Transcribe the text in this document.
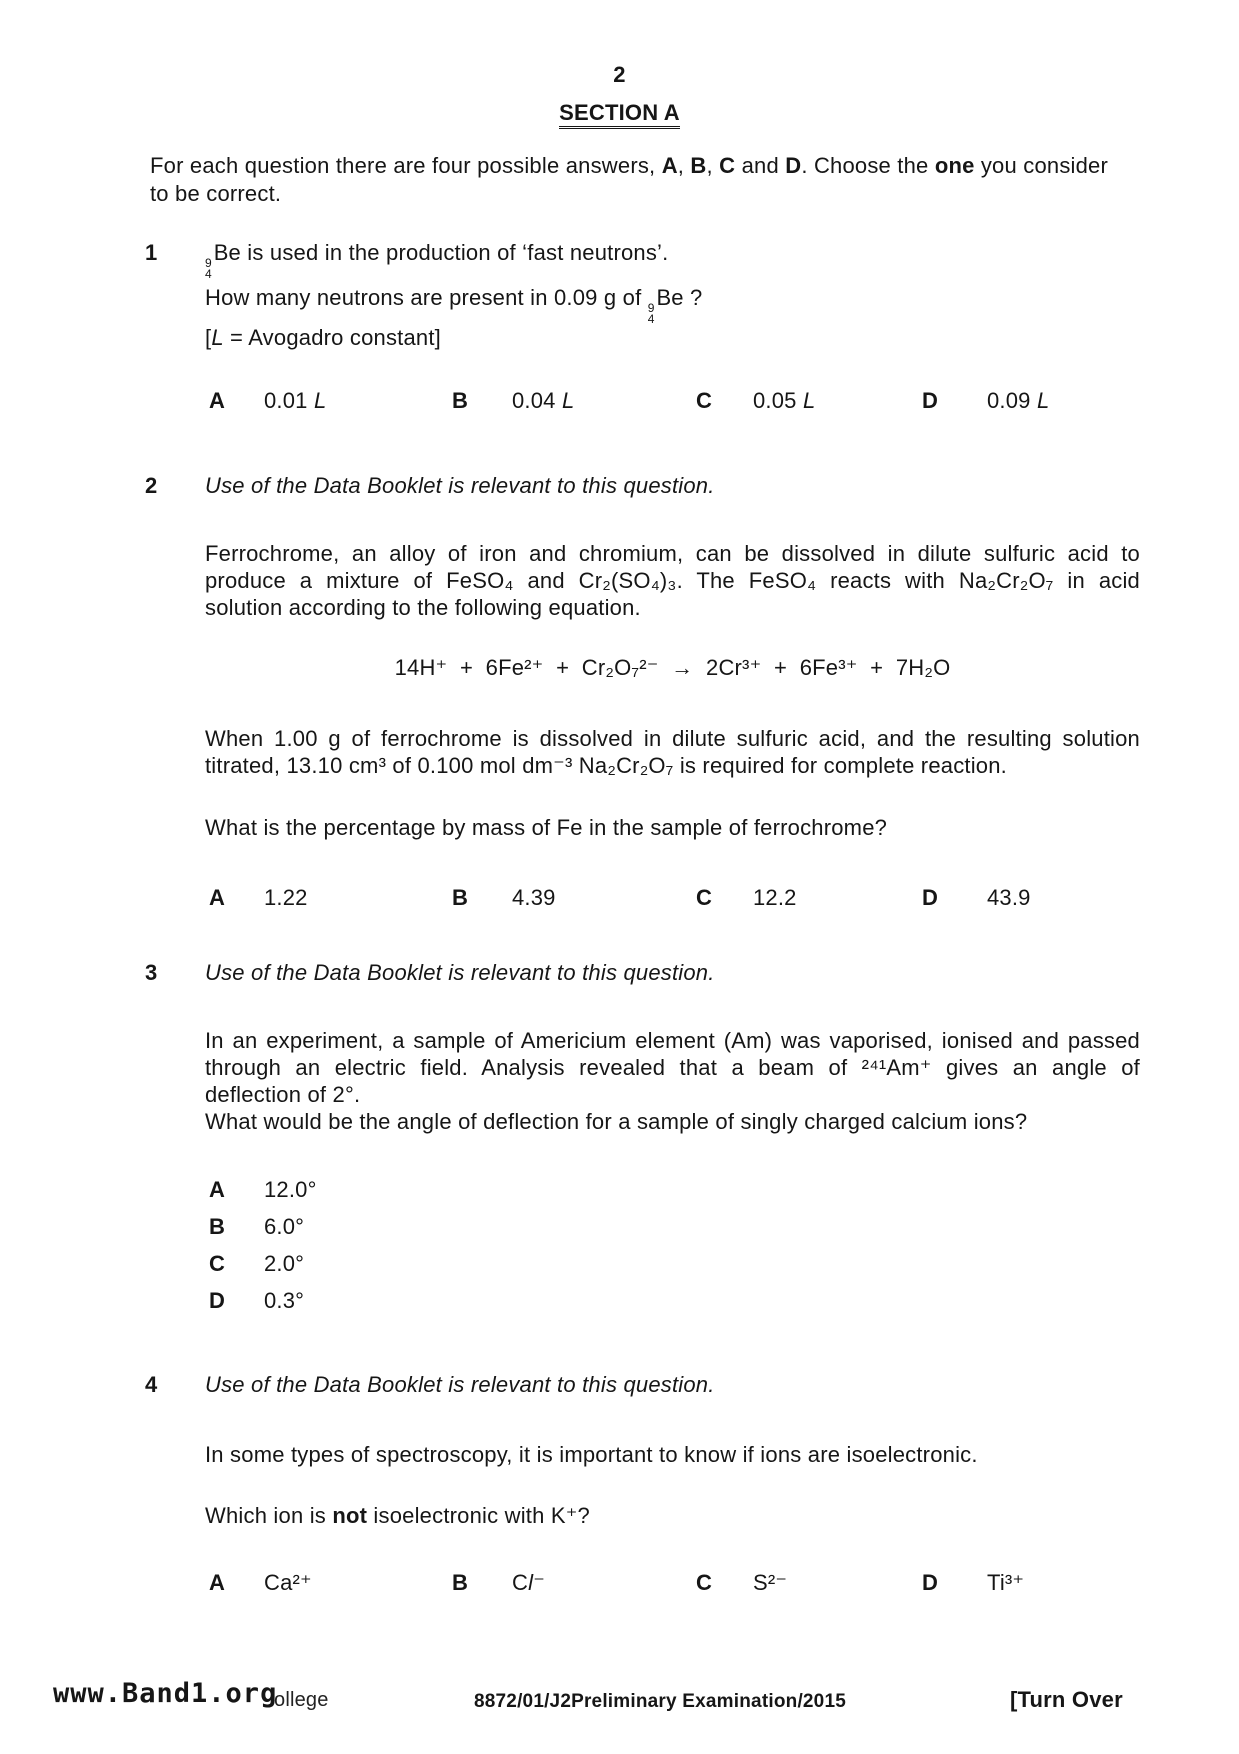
2
SECTION A
For each question there are four possible answers, A, B, C and D. Choose the one you consider
to be correct.
1	9
4
Be is used in the production of ‘fast neutrons’.
How many neutrons are present in 0.09 g of 9
4
Be ?
[L = Avogadro constant]
A 0.01 L	B 0.04 L	C 0.05 L	D 0.09 L
2 Use of the Data Booklet is relevant to this question.
Ferrochrome, an alloy of iron and chromium, can be dissolved in dilute sulfuric acid to
produce a mixture of FeSO₄ and Cr₂(SO₄)₃. The FeSO₄ reacts with Na₂Cr₂O₇ in acid
solution according to the following equation.
14H⁺  +  6Fe²⁺  +  Cr₂O₇²⁻  →  2Cr³⁺  +  6Fe³⁺  +  7H₂O
When 1.00 g of ferrochrome is dissolved in dilute sulfuric acid, and the resulting solution
titrated, 13.10 cm³ of 0.100 mol dm⁻³ Na₂Cr₂O₇ is required for complete reaction.
What is the percentage by mass of Fe in the sample of ferrochrome?
A 1.22	B 4.39	C 12.2	D 43.9
3 Use of the Data Booklet is relevant to this question.
In an experiment, a sample of Americium element (Am) was vaporised, ionised and passed
through an electric field. Analysis revealed that a beam of ²⁴¹Am⁺ gives an angle of
deflection of 2°.
What would be the angle of deflection for a sample of singly charged calcium ions?
A 12.0°
B 6.0°
C 2.0°
D 0.3°
4 Use of the Data Booklet is relevant to this question.
In some types of spectroscopy, it is important to know if ions are isoelectronic.
Which ion is not isoelectronic with K⁺?
A Ca²⁺	B Cl⁻	C S²⁻	D Ti³⁺
www.Band1.org
ollege	8872/01/J2Preliminary Examination/2015	[Turn Over
